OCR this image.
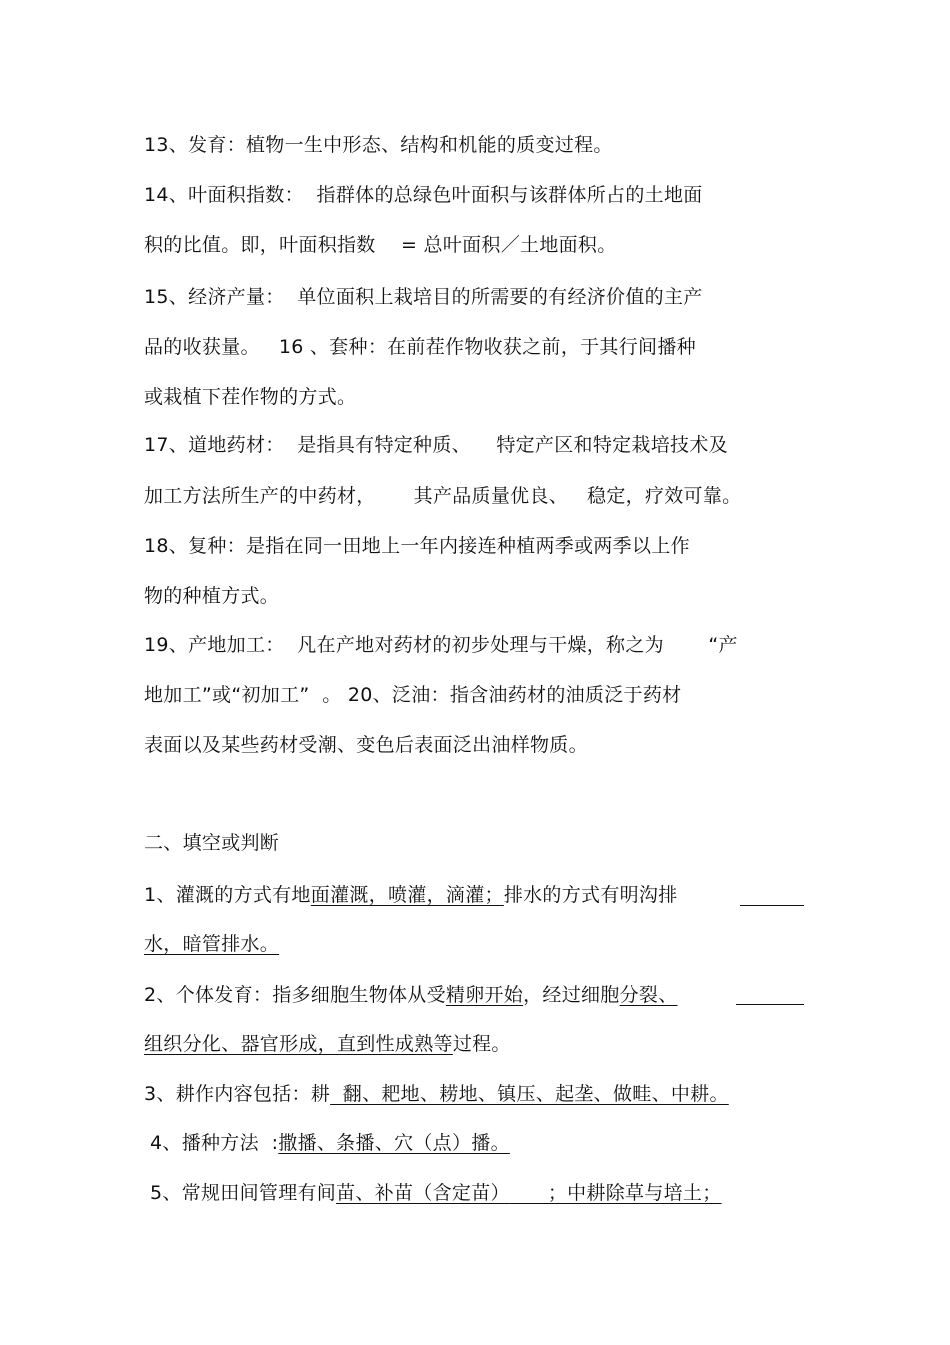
13、发育：植物一生中形态、结构和机能的质变过程。
14、叶面积指数：  指群体的总绿色叶面积与该群体所占的土地面
积的比值。即，叶面积指数    = 总叶面积／土地面积。
15、经济产量：  单位面积上栽培目的所需要的有经济价值的主产
品的收获量。   16 、套种：在前茬作物收获之前，于其行间播种
或栽植下茬作物的方式。
17、道地药材：  是指具有特定种质、    特定产区和特定栽培技术及
加工方法所生产的中药材，      其产品质量优良、   稳定，疗效可靠。
18、复种：是指在同一田地上一年内接连种植两季或两季以上作
物的种植方式。
19、产地加工：  凡在产地对药材的初步处理与干燥，称之为       “产
地加工”或“初加工”  。 20、泛油：指含油药材的油质泛于药材
表面以及某些药材受潮、变色后表面泛出油样物质。
二、填空或判断
1、灌溉的方式有地面灌溉，喷灌，滴灌；排水的方式有明沟排
水，暗管排水。
2、个体发育：指多细胞生物体从受精卵开始，经过细胞分裂、
组织分化、器官形成，直到性成熟等过程。
3、耕作内容包括：耕  翻、耙地、耢地、镇压、起垄、做畦、中耕。
4、播种方法  :撒播、条播、穴（点）播。
5、常规田间管理有间苗、补苗（含定苗）      ；中耕除草与培土；
